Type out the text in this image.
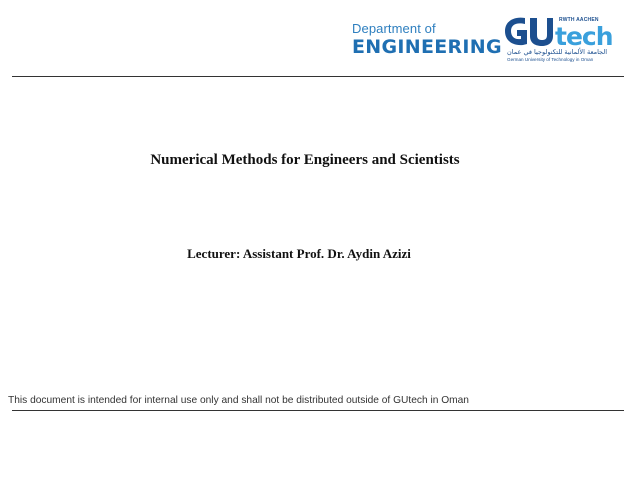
Department of
ENGINEERING tech
RWTH AACHEN
الجامعة الألمانية للتكنولوجيا في عمان
German University of Technology in Oman
Numerical Methods for Engineers and Scientists
Lecturer: Assistant Prof. Dr. Aydin Azizi
This document is intended for internal use only and shall not be distributed outside of GUtech in Oman
